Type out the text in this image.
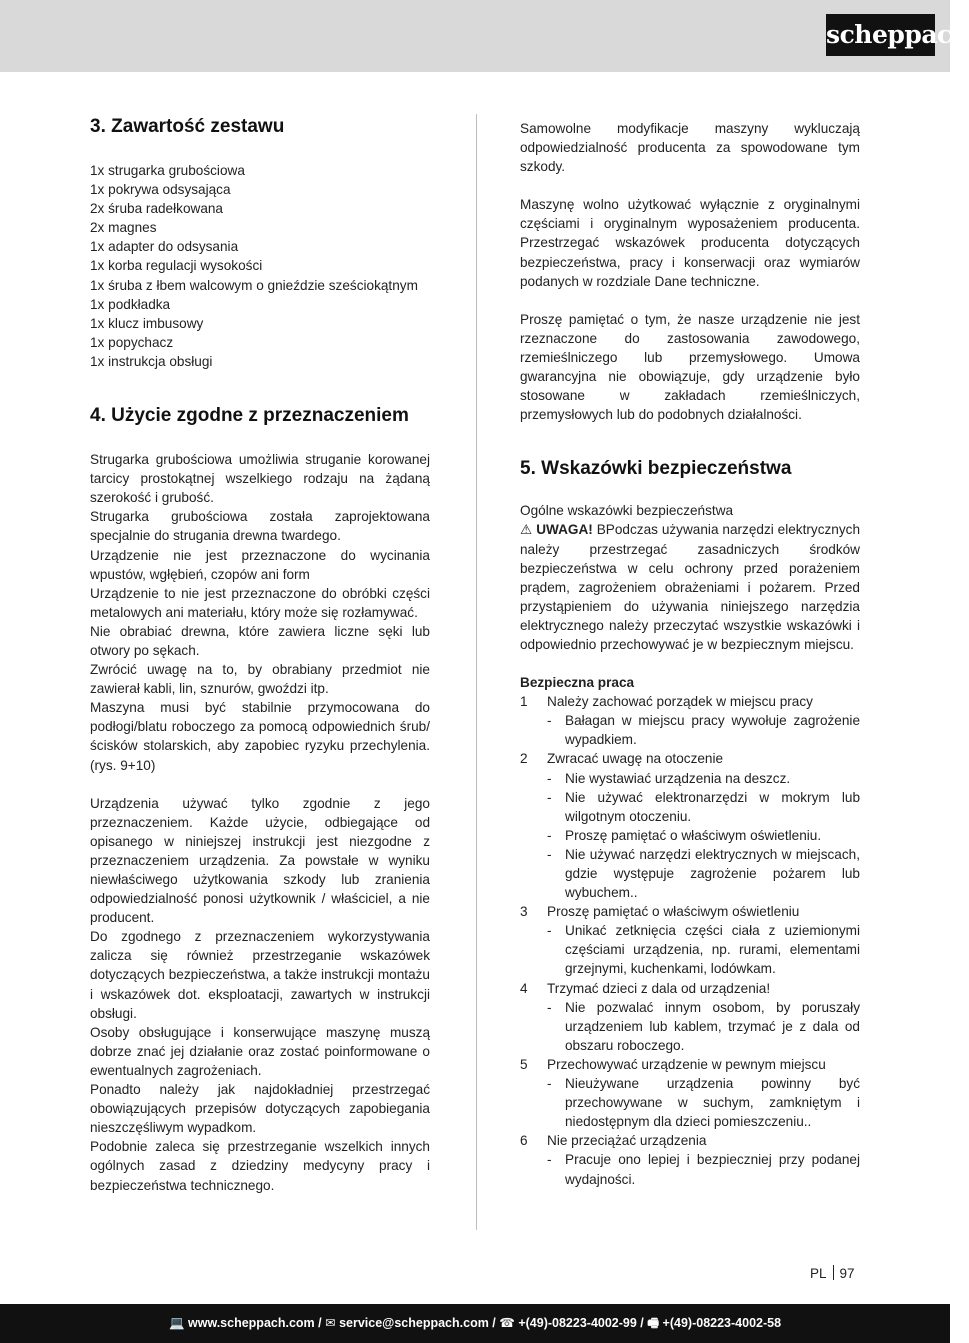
scheppach
3. Zawartość zestawu
1x strugarka grubościowa
1x pokrywa odsysająca
2x śruba radełkowana
2x magnes
1x adapter do odsysania
1x korba regulacji wysokości
1x śruba z łbem walcowym o gnieździe sześciokątnym
1x podkładka
1x klucz imbusowy
1x popychacz
1x instrukcja obsługi
4. Użycie zgodne z przeznaczeniem

Strugarka grubościowa umożliwia struganie korowanej tarcicy prostokątnej wszelkiego rodzaju na żądaną szerokość i grubość.

Strugarka grubościowa została zaprojektowana specjalnie do strugania drewna twardego.

Urządzenie nie jest przeznaczone do wycinania wpustów, wgłębień, czopów ani form

Urządzenie to nie jest przeznaczone do obróbki części metalowych ani materiału, który może się rozłamywać.

Nie obrabiać drewna, które zawiera liczne sęki lub otwory po sękach.

Zwrócić uwagę na to, by obrabiany przedmiot nie zawierał kabli, lin, sznurów, gwoździ itp.

Maszyna musi być stabilnie przymocowana do podłogi/blatu roboczego za pomocą odpowiednich śrub/ścisków stolarskich, aby zapobiec ryzyku przechylenia. (rys. 9+10)

Urządzenia używać tylko zgodnie z jego przeznaczeniem. Każde użycie, odbiegające od opisanego w niniejszej instrukcji jest niezgodne z przeznaczeniem urządzenia. Za powstałe w wyniku niewłaściwego użytkowania szkody lub zranienia odpowiedzialność ponosi użytkownik / właściciel, a nie producent.

Do zgodnego z przeznaczeniem wykorzystywania zalicza się również przestrzeganie wskazówek dotyczących bezpieczeństwa, a także instrukcji montażu i wskazówek dot. eksploatacji, zawartych w instrukcji obsługi.

Osoby obsługujące i konserwujące maszynę muszą dobrze znać jej działanie oraz zostać poinformowane o ewentualnych zagrożeniach.

Ponadto należy jak najdokładniej przestrzegać obowiązujących przepisów dotyczących zapobiegania nieszczęśliwym wypadkom.

Podobnie zaleca się przestrzeganie wszelkich innych ogólnych zasad z dziedziny medycyny pracy i bezpieczeństwa technicznego.

Samowolne modyfikacje maszyny wykluczają odpowiedzialność producenta za spowodowane tym szkody.

Maszynę wolno użytkować wyłącznie z oryginalnymi częściami i oryginalnym wyposażeniem producenta. Przestrzegać wskazówek producenta dotyczących bezpieczeństwa, pracy i konserwacji oraz wymiarów podanych w rozdziale Dane techniczne.

Proszę pamiętać o tym, że nasze urządzenie nie jest rzeznaczone do zastosowania zawodowego, rzemieślniczego lub przemysłowego. Umowa gwarancyjna nie obowiązuje, gdy urządzenie było stosowane w zakładach rzemieślniczych, przemysłowych lub do podobnych działalności.

5. Wskazówki bezpieczeństwa

Ogólne wskazówki bezpieczeństwa

⚠ UWAGA! BPodczas używania narzędzi elektrycznych należy przestrzegać zasadniczych środków bezpieczeństwa w celu ochrony przed porażeniem prądem, zagrożeniem obrażeniami i pożarem. Przed przystąpieniem do używania niniejszego narzędzia elektrycznego należy przeczytać wszystkie wskazówki i odpowiednio przechowywać je w bezpiecznym miejscu.

Bezpieczna praca
1	Należy zachować porządek w miejscu pracy
- Bałagan w miejscu pracy wywołuje zagrożenie wypadkiem.
2	Zwracać uwagę na otoczenie
- Nie wystawiać urządzenia na deszcz.
- Nie używać elektronarzędzi w mokrym lub wilgotnym otoczeniu.
- Proszę pamiętać o właściwym oświetleniu.
- Nie używać narzędzi elektrycznych w miejscach, gdzie występuje zagrożenie pożarem lub wybuchem..
3	Proszę pamiętać o właściwym oświetleniu
- Unikać zetknięcia części ciała z uziemionymi częściami urządzenia, np. rurami, elementami grzejnymi, kuchenkami, lodówkam.
4	Trzymać dzieci z dala od urządzenia!
- Nie pozwalać innym osobom, by poruszały urządzeniem lub kablem, trzymać je z dala od obszaru roboczego.
5	Przechowywać urządzenie w pewnym miejscu
- Nieużywane urządzenia powinny być przechowywane w suchym, zamkniętym i niedostępnym dla dzieci pomieszczeniu..
6	Nie przeciążać urządzenia
- Pracuje ono lepiej i bezpieczniej przy podanej wydajności.
PL 97
💻 www.scheppach.com / ✉ service@scheppach.com / ☎ +(49)-08223-4002-99 / 🖷 +(49)-08223-4002-58
